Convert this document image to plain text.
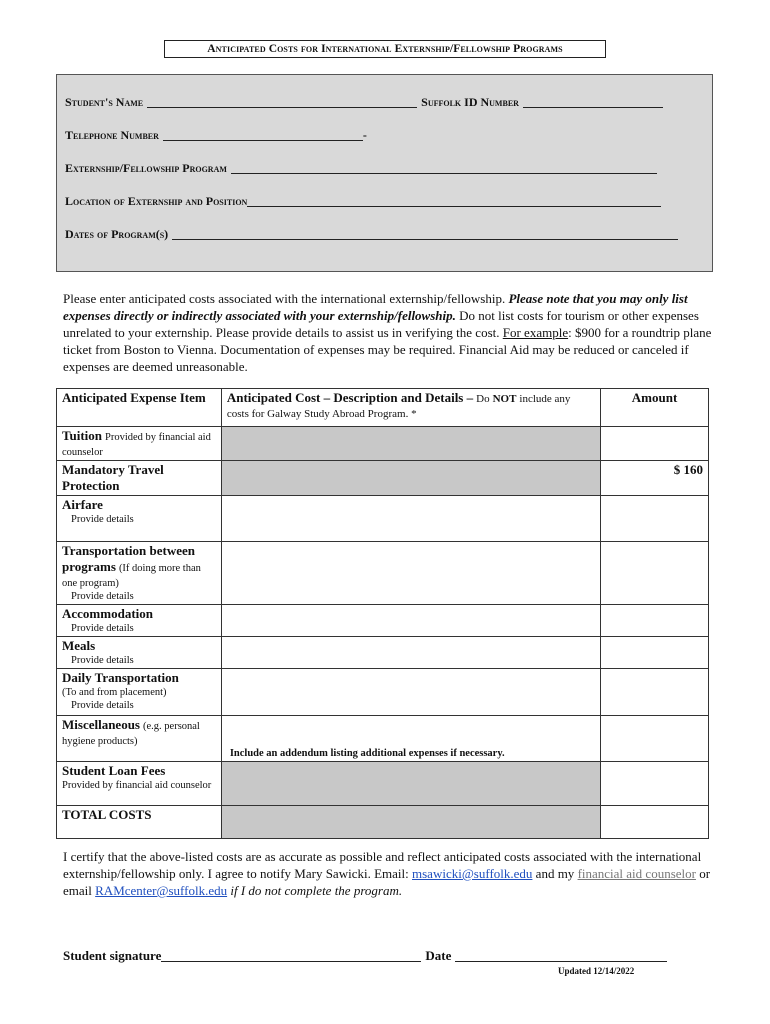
Anticipated Costs for International Externship/Fellowship Programs
Student's Name	Suffolk ID Number
Telephone Number	-
Externship/Fellowship Program
Location of Externship and Position
Dates of Program(s)
Please enter anticipated costs associated with the international externship/fellowship. Please note that you may only list expenses directly or indirectly associated with your externship/fellowship. Do not list costs for tourism or other expenses unrelated to your externship. Please provide details to assist us in verifying the cost. For example: $900 for a roundtrip plane ticket from Boston to Vienna. Documentation of expenses may be required. Financial Aid may be reduced or canceled if expenses are deemed unreasonable.
Anticipated Expense Item	Anticipated Cost – Description and Details – Do NOT include any costs for Galway Study Abroad Program. *	Amount
Tuition Provided by financial aid counselor		
Mandatory Travel Protection		$ 160

Airfare
Provide details		

Transportation between programs (If doing more than one program)
Provide details		

Accommodation
Provide details		

Meals
Provide details		

Daily Transportation
(To and from placement)
Provide details		

Miscellaneous (e.g. personal hygiene products)	Include an addendum listing additional expenses if necessary.	

Student Loan Fees
Provided by financial aid counselor		

TOTAL COSTS		
I certify that the above-listed costs are as accurate as possible and reflect anticipated costs associated with the international externship/fellowship only. I agree to notify Mary Sawicki. Email: msawicki@suffolk.edu and my financial aid counselor or email RAMcenter@suffolk.edu if I do not complete the program.
Student signature	Date
Updated 12/14/2022
